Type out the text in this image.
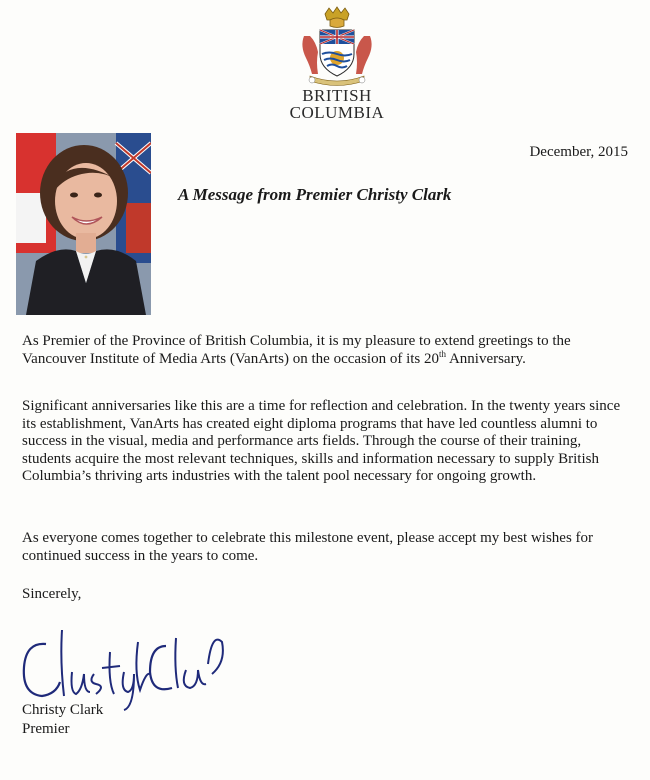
BRITISH
COLUMBIA
December, 2015
A Message from Premier Christy Clark
As Premier of the Province of British Columbia, it is my pleasure to extend greetings to the Vancouver Institute of Media Arts (VanArts) on the occasion of its 20th Anniversary.
Significant anniversaries like this are a time for reflection and celebration. In the twenty years since its establishment, VanArts has created eight diploma programs that have led countless alumni to success in the visual, media and performance arts fields. Through the course of their training, students acquire the most relevant techniques, skills and information necessary to supply British Columbia’s thriving arts industries with the talent pool necessary for ongoing growth.
As everyone comes together to celebrate this milestone event, please accept my best wishes for continued success in the years to come.
Sincerely,
Christy Clark
Premier
